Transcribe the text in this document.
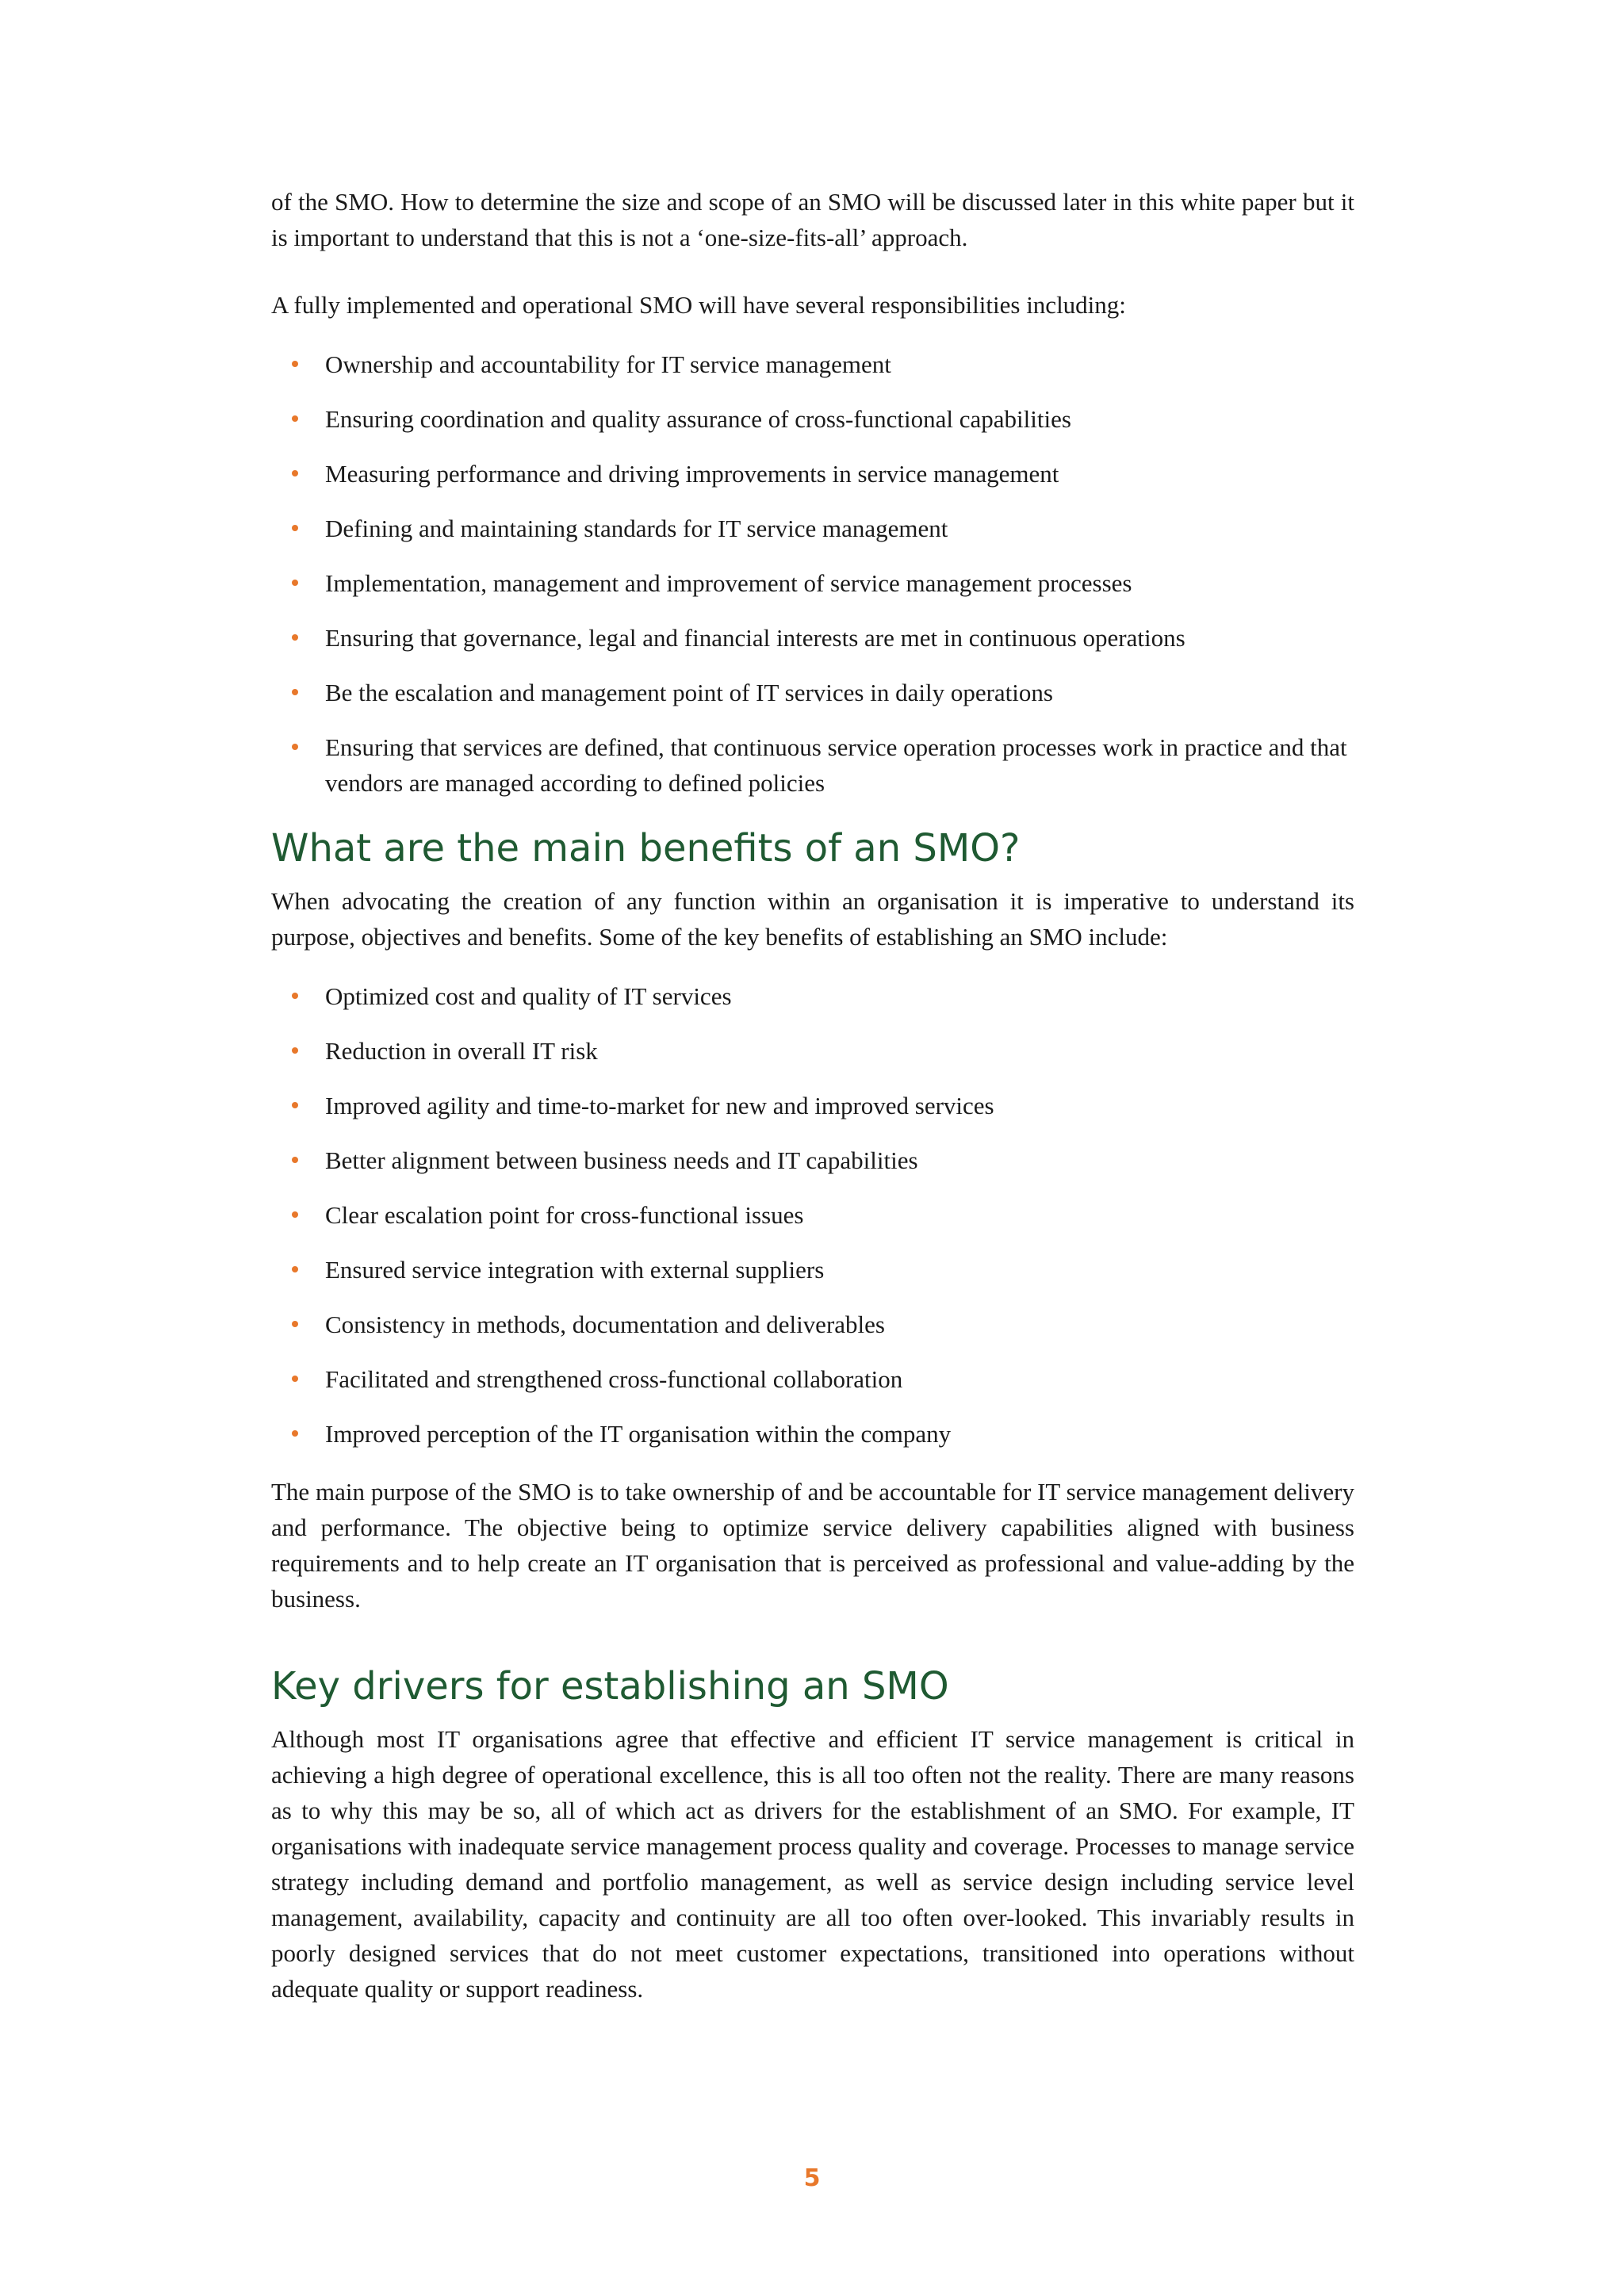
of the SMO. How to determine the size and scope of an SMO will be discussed later in this white paper but it is important to understand that this is not a ‘one-size-fits-all’ approach.

A fully implemented and operational SMO will have several responsibilities including:

Ownership and accountability for IT service management
Ensuring coordination and quality assurance of cross-functional capabilities
Measuring performance and driving improvements in service management
Defining and maintaining standards for IT service management
Implementation, management and improvement of service management processes
Ensuring that governance, legal and financial interests are met in continuous operations
Be the escalation and management point of IT services in daily operations
Ensuring that services are defined, that continuous service operation processes work in practice and that vendors are managed according to defined policies
What are the main benefits of an SMO?

When advocating the creation of any function within an organisation it is imperative to understand its purpose, objectives and benefits. Some of the key benefits of establishing an SMO include:

Optimized cost and quality of IT services
Reduction in overall IT risk
Improved agility and time-to-market for new and improved services
Better alignment between business needs and IT capabilities
Clear escalation point for cross-functional issues
Ensured service integration with external suppliers
Consistency in methods, documentation and deliverables
Facilitated and strengthened cross-functional collaboration
Improved perception of the IT organisation within the company

The main purpose of the SMO is to take ownership of and be accountable for IT service management delivery and performance. The objective being to optimize service delivery capabilities aligned with business requirements and to help create an IT organisation that is perceived as professional and value-adding by the business.

Key drivers for establishing an SMO

Although most IT organisations agree that effective and efficient IT service management is critical in achieving a high degree of operational excellence, this is all too often not the reality. There are many reasons as to why this may be so, all of which act as drivers for the establishment of an SMO. For example, IT organisations with inadequate service management process quality and coverage. Processes to manage service strategy including demand and portfolio management, as well as service design including service level management, availability, capacity and continuity are all too often over-looked. This invariably results in poorly designed services that do not meet customer expectations, transitioned into operations without adequate quality or support readiness.

5
